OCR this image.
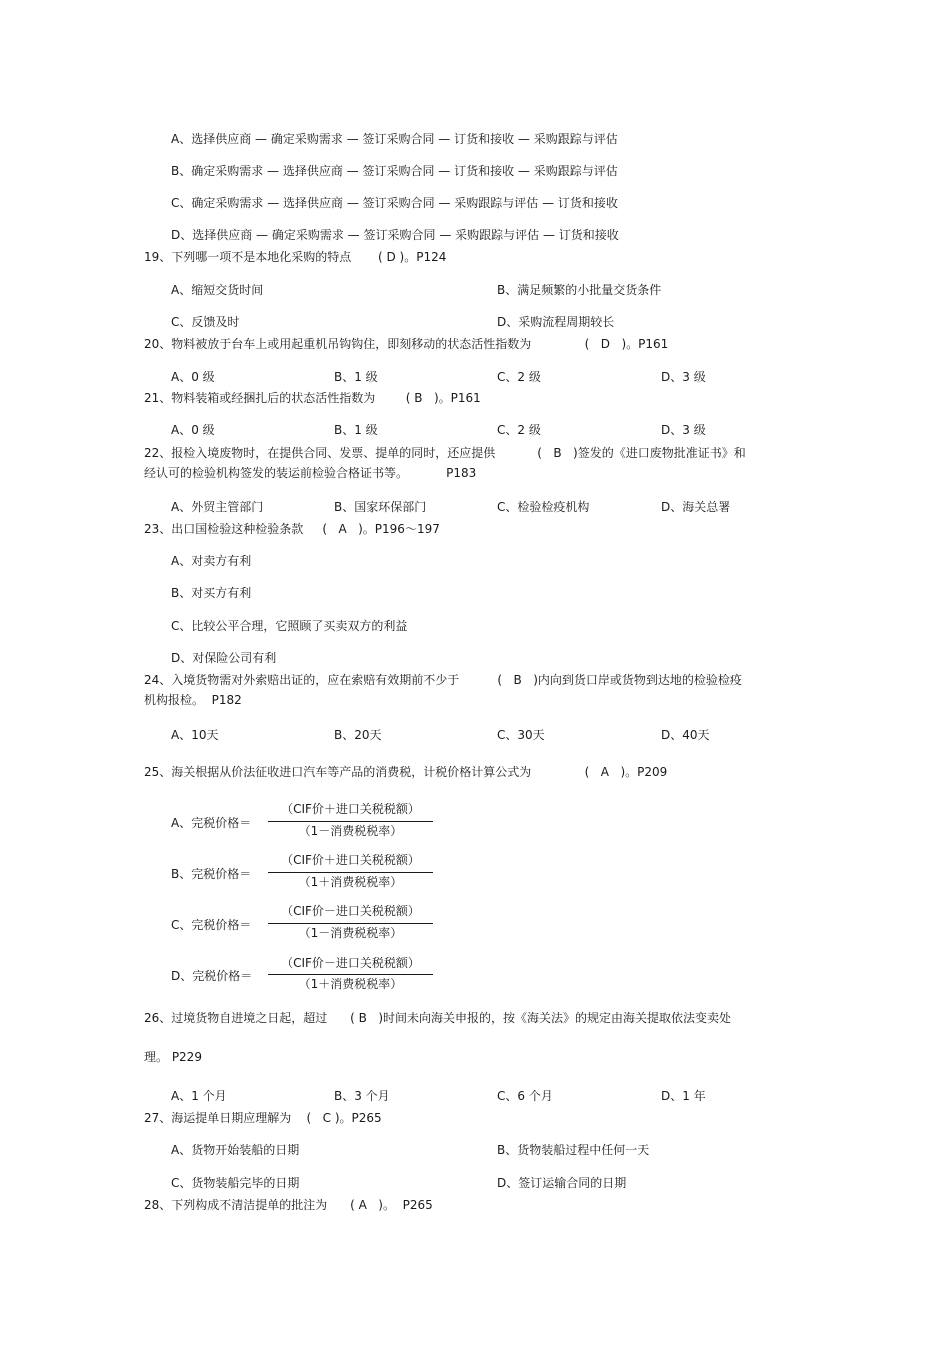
A、选择供应商 — 确定采购需求 — 签订采购合同 — 订货和接收 — 采购跟踪与评估
B、确定采购需求 — 选择供应商 — 签订采购合同 — 订货和接收 — 采购跟踪与评估
C、确定采购需求 — 选择供应商 — 签订采购合同 — 采购跟踪与评估 — 订货和接收
D、选择供应商 — 确定采购需求 — 签订采购合同 — 采购跟踪与评估 — 订货和接收
19、下列哪一项不是本地化采购的特点       ( D )。P124
A、缩短交货时间	B、满足频繁的小批量交货条件
C、反馈及时	D、采购流程周期较长
20、物料被放于台车上或用起重机吊钩钩住，即刻移动的状态活性指数为              (   D   )。P161
A、0 级	B、1 级	C、2 级	D、3 级
21、物料装箱或经捆扎后的状态活性指数为        ( B   )。P161
A、0 级	B、1 级	C、2 级	D、3 级
22、报检入境废物时，在提供合同、发票、提单的同时，还应提供           (   B   )签发的《进口废物批准证书》和
经认可的检验机构签发的装运前检验合格证书等。          P183
A、外贸主管部门	B、国家环保部门	C、检验检疫机构	D、海关总署
23、出口国检验这种检验条款     (   A   )。P196～197
A、对卖方有利
B、对买方有利
C、比较公平合理，它照顾了买卖双方的利益
D、对保险公司有利
24、入境货物需对外索赔出证的，应在索赔有效期前不少于          (   B   )内向到货口岸或货物到达地的检验检疫
机构报检。  P182
A、10天	B、20天	C、30天	D、40天
25、海关根据从价法征收进口汽车等产品的消费税，计税价格计算公式为              (   A   )。P209
A、完税价格＝
（CIF价＋进口关税税额）
（1－消费税税率）
B、完税价格＝
（CIF价＋进口关税税额）
（1＋消费税税率）
C、完税价格＝
（CIF价－进口关税税额）
（1－消费税税率）
D、完税价格＝
（CIF价－进口关税税额）
（1＋消费税税率）
26、过境货物自进境之日起，超过      ( B   )时间未向海关申报的，按《海关法》的规定由海关提取依法变卖处
理。 P229
A、1 个月	B、3 个月	C、6 个月	D、1 年
27、海运提单日期应理解为    (   C )。P265
A、货物开始装船的日期	B、货物装船过程中任何一天
C、货物装船完毕的日期	D、签订运输合同的日期
28、下列构成不清洁提单的批注为      ( A   )。  P265
